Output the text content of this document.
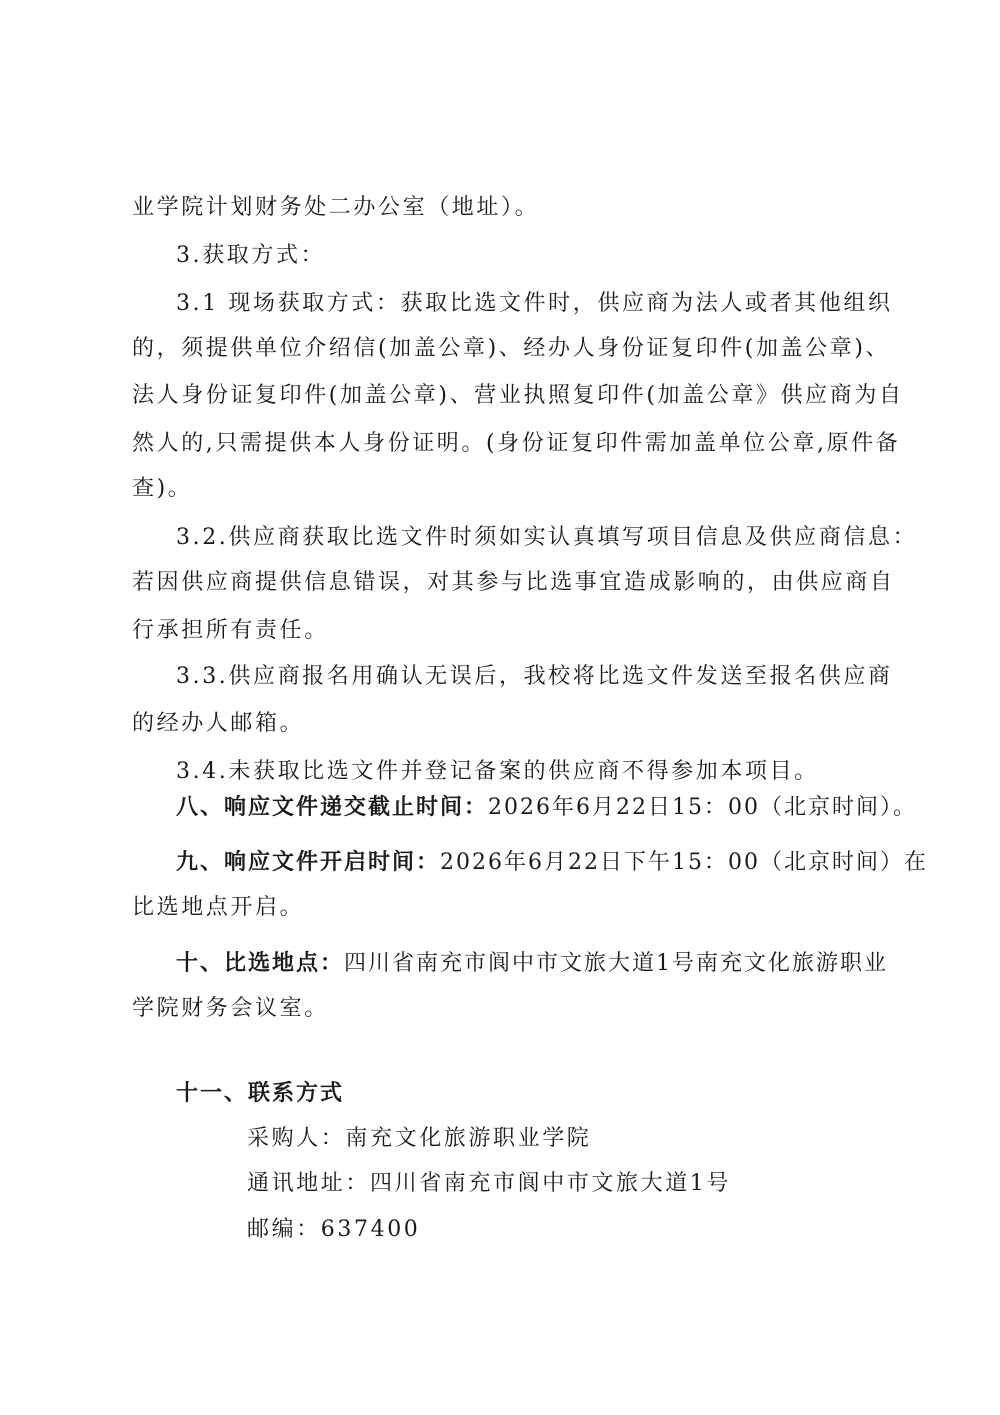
业学院计划财务处二办公室（地址）。
3.获取方式：
3.1 现场获取方式：获取比选文件时，供应商为法人或者其他组织
的，须提供单位介绍信(加盖公章)、经办人身份证复印件(加盖公章)、
法人身份证复印件(加盖公章)、营业执照复印件(加盖公章》供应商为自
然人的,只需提供本人身份证明。(身份证复印件需加盖单位公章,原件备
查)。
3.2.供应商获取比选文件时须如实认真填写项目信息及供应商信息：
若因供应商提供信息错误，对其参与比选事宜造成影响的，由供应商自
行承担所有责任。
3.3.供应商报名用确认无误后，我校将比选文件发送至报名供应商
的经办人邮箱。
3.4.未获取比选文件并登记备案的供应商不得参加本项目。
八、响应文件递交截止时间：2026年6月22日15：00（北京时间）。
九、响应文件开启时间：2026年6月22日下午15：00（北京时间）在
比选地点开启。
十、比选地点：四川省南充市阆中市文旅大道1号南充文化旅游职业
学院财务会议室。
十一、联系方式
采购人：南充文化旅游职业学院
通讯地址：四川省南充市阆中市文旅大道1号
邮编：637400
